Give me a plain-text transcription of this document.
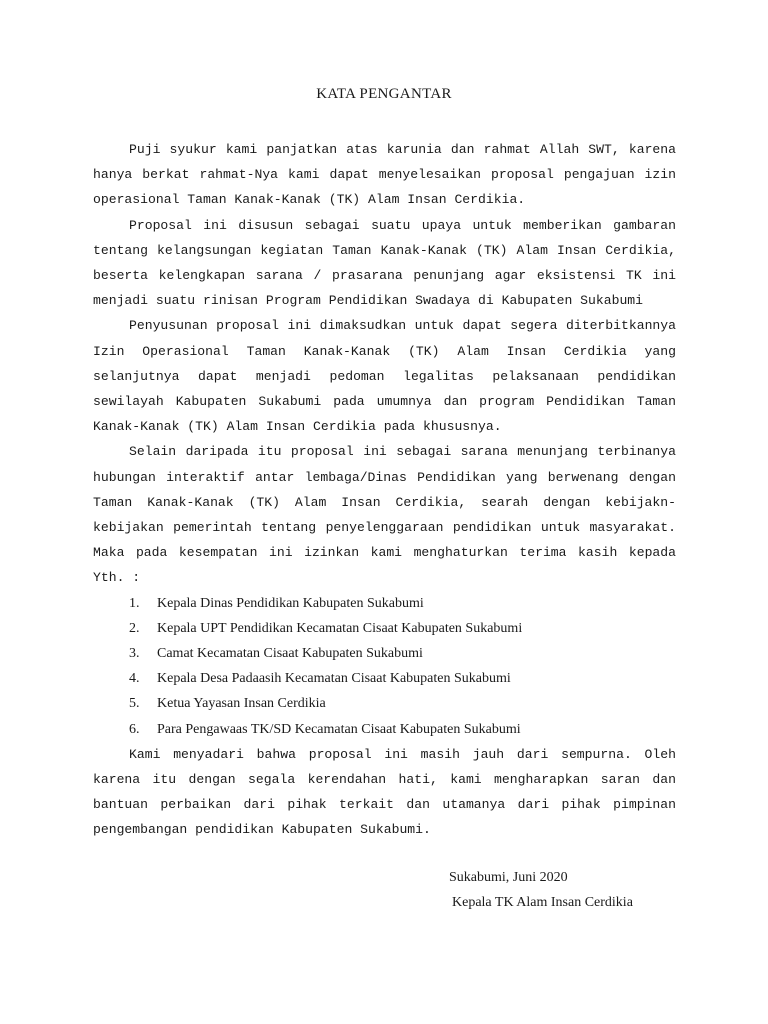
KATA PENGANTAR

Puji syukur kami panjatkan atas karunia dan rahmat Allah SWT, karena hanya berkat rahmat-Nya kami dapat menyelesaikan proposal pengajuan izin operasional Taman Kanak-Kanak (TK) Alam Insan Cerdikia.

Proposal ini disusun sebagai suatu upaya untuk memberikan gambaran tentang kelangsungan kegiatan Taman Kanak-Kanak (TK) Alam Insan Cerdikia, beserta kelengkapan sarana / prasarana penunjang agar eksistensi TK ini menjadi suatu rinisan Program Pendidikan Swadaya di Kabupaten Sukabumi

Penyusunan proposal ini dimaksudkan untuk dapat segera diterbitkannya Izin Operasional Taman Kanak-Kanak (TK) Alam Insan Cerdikia yang selanjutnya dapat menjadi pedoman legalitas pelaksanaan pendidikan sewilayah Kabupaten Sukabumi pada umumnya dan program Pendidikan Taman Kanak-Kanak (TK) Alam Insan Cerdikia pada khususnya.

Selain daripada itu proposal ini sebagai sarana menunjang terbinanya hubungan interaktif antar lembaga/Dinas Pendidikan yang berwenang dengan Taman Kanak-Kanak (TK) Alam Insan Cerdikia, searah dengan kebijakn-kebijakan pemerintah tentang penyelenggaraan pendidikan untuk masyarakat. Maka pada kesempatan ini izinkan kami menghaturkan terima kasih kepada Yth. :

1. Kepala Dinas Pendidikan Kabupaten Sukabumi
2. Kepala UPT Pendidikan Kecamatan Cisaat Kabupaten Sukabumi
3. Camat Kecamatan Cisaat Kabupaten Sukabumi
4. Kepala Desa Padaasih Kecamatan Cisaat Kabupaten Sukabumi
5. Ketua Yayasan Insan Cerdikia
6. Para Pengawaas TK/SD Kecamatan Cisaat Kabupaten Sukabumi

Kami menyadari bahwa proposal ini masih jauh dari sempurna. Oleh karena itu dengan segala kerendahan hati, kami mengharapkan saran dan bantuan perbaikan dari pihak terkait dan utamanya dari pihak pimpinan pengembangan pendidikan Kabupaten Sukabumi.

Sukabumi, Juni 2020
Kepala TK Alam Insan Cerdikia
